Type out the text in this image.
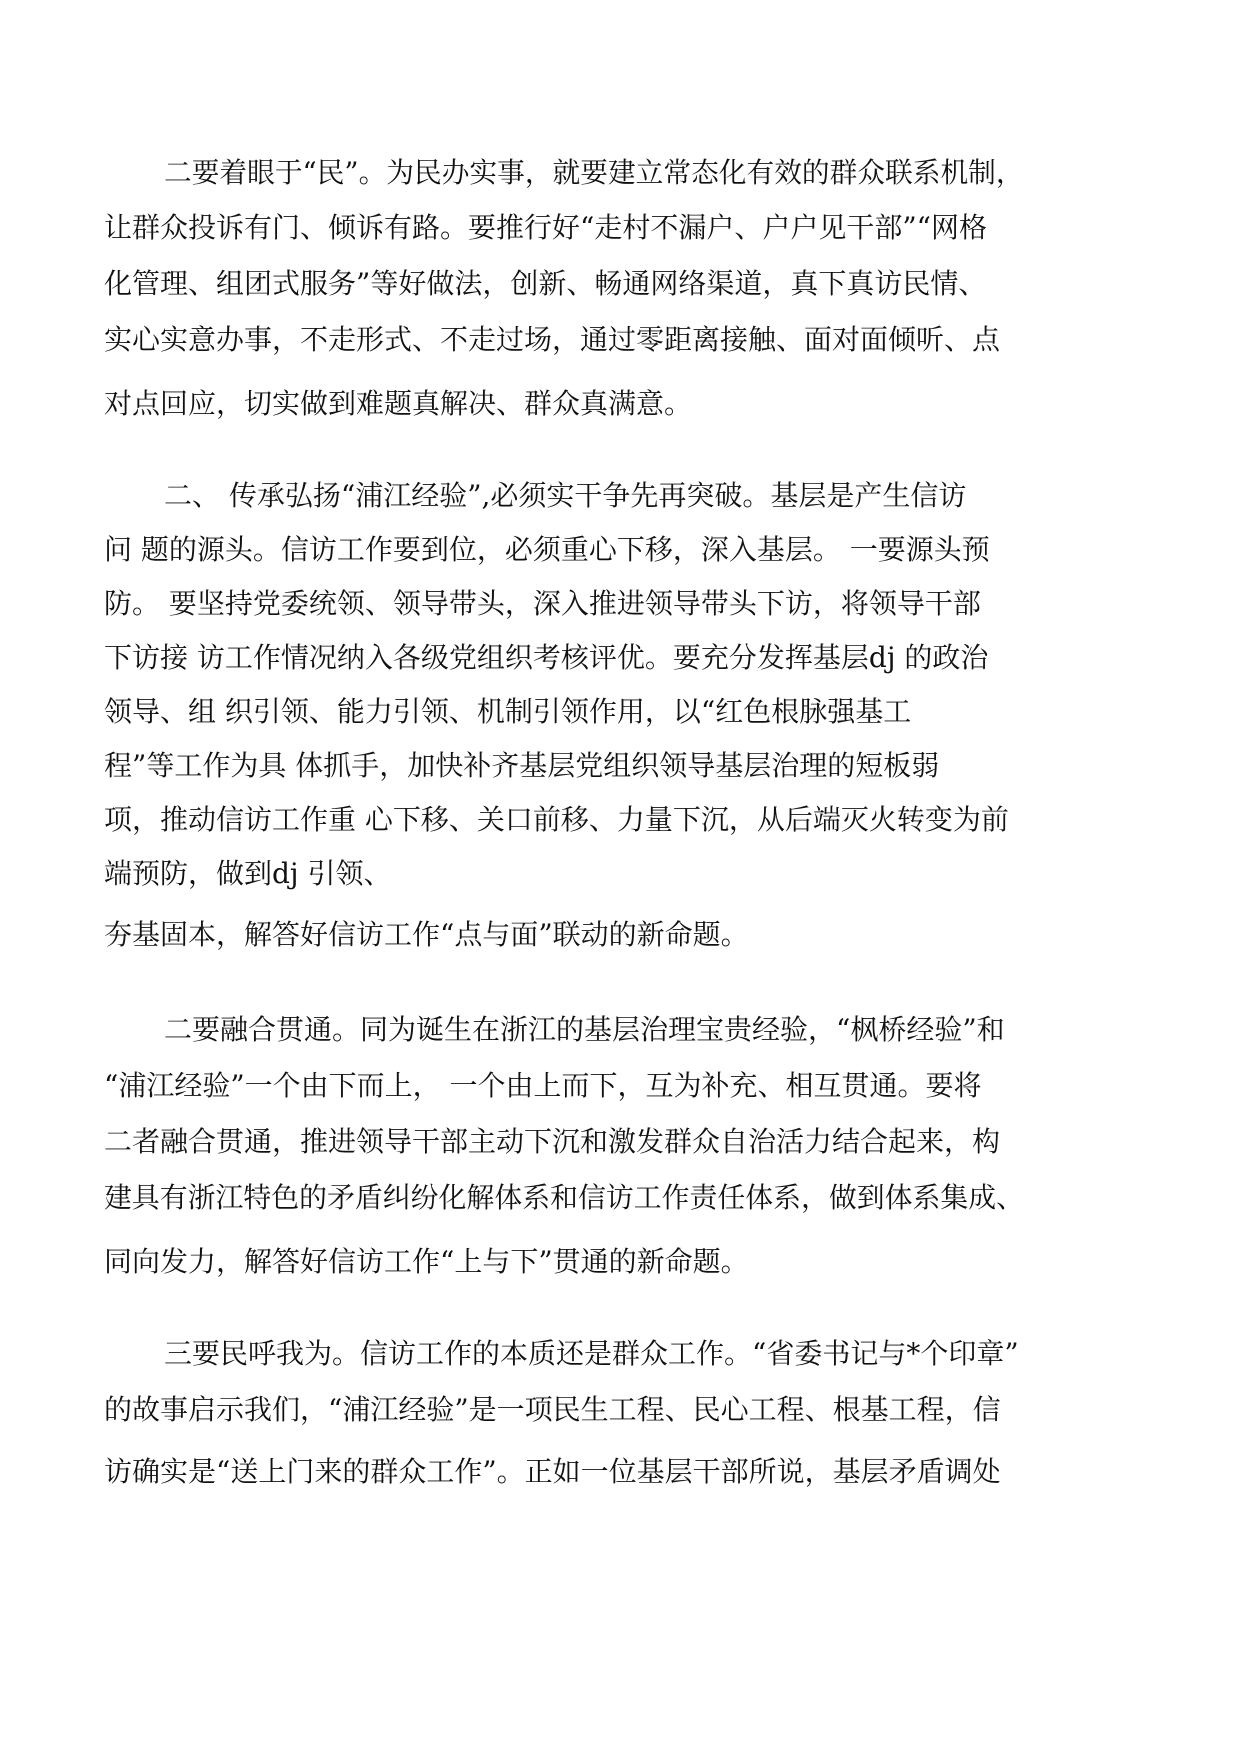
二要着眼于“民”。为民办实事，就要建立常态化有效的群众联系机制，
让群众投诉有门、倾诉有路。要推行好“走村不漏户、户户见干部”“网格
化管理、组团式服务”等好做法，创新、畅通网络渠道，真下真访民情、
实心实意办事，不走形式、不走过场，通过零距离接触、面对面倾听、点
对点回应，切实做到难题真解决、群众真满意。
二、 传承弘扬“浦江经验”,必须实干争先再突破。基层是产生信访
问 题的源头。信访工作要到位，必须重心下移，深入基层。 一要源头预
防。 要坚持党委统领、领导带头，深入推进领导带头下访，将领导干部
下访接 访工作情况纳入各级党组织考核评优。要充分发挥基层dj 的政治
领导、组 织引领、能力引领、机制引领作用，以“红色根脉强基工
程”等工作为具 体抓手，加快补齐基层党组织领导基层治理的短板弱
项，推动信访工作重 心下移、关口前移、力量下沉，从后端灭火转变为前
端预防，做到dj 引领、
夯基固本，解答好信访工作“点与面”联动的新命题。
二要融合贯通。同为诞生在浙江的基层治理宝贵经验，“枫桥经验”和
“浦江经验”一个由下而上， 一个由上而下，互为补充、相互贯通。要将
二者融合贯通，推进领导干部主动下沉和激发群众自治活力结合起来，构
建具有浙江特色的矛盾纠纷化解体系和信访工作责任体系，做到体系集成、
同向发力，解答好信访工作“上与下”贯通的新命题。
三要民呼我为。信访工作的本质还是群众工作。“省委书记与*个印章”
的故事启示我们，“浦江经验”是一项民生工程、民心工程、根基工程，信
访确实是“送上门来的群众工作”。正如一位基层干部所说，基层矛盾调处
